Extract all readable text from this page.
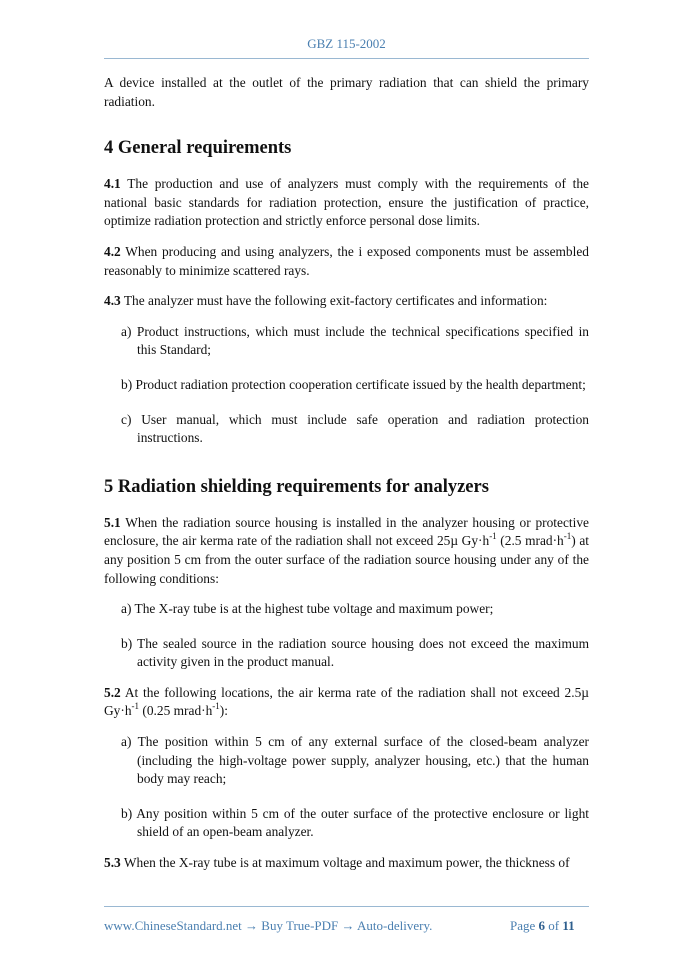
GBZ 115-2002

A device installed at the outlet of the primary radiation that can shield the primary radiation.

4 General requirements

4.1 The production and use of analyzers must comply with the requirements of the national basic standards for radiation protection, ensure the justification of practice, optimize radiation protection and strictly enforce personal dose limits.

4.2 When producing and using analyzers, the i exposed components must be assembled reasonably to minimize scattered rays.

4.3 The analyzer must have the following exit-factory certificates and information:

a) Product instructions, which must include the technical specifications specified in this Standard;

b) Product radiation protection cooperation certificate issued by the health department;

c) User manual, which must include safe operation and radiation protection instructions.

5 Radiation shielding requirements for analyzers

5.1 When the radiation source housing is installed in the analyzer housing or protective enclosure, the air kerma rate of the radiation shall not exceed 25µ $Gy\cdot h^{-1}$ (2.5 $mrad\cdot h^{-1}$) at any position 5 cm from the outer surface of the radiation source housing under any of the following conditions:

a) The X-ray tube is at the highest tube voltage and maximum power;

b) The sealed source in the radiation source housing does not exceed the maximum activity given in the product manual.

5.2 At the following locations, the air kerma rate of the radiation shall not exceed 2.5µ $Gy\cdot h^{-1}$ (0.25 $mrad\cdot h^{-1}$):

a) The position within 5 cm of any external surface of the closed-beam analyzer (including the high-voltage power supply, analyzer housing, etc.) that the human body may reach;

b) Any position within 5 cm of the outer surface of the protective enclosure or light shield of an open-beam analyzer.

5.3 When the X-ray tube is at maximum voltage and maximum power, the thickness of

www.ChineseStandard.net → Buy True-PDF → Auto-delivery.	Page 6 of 11
